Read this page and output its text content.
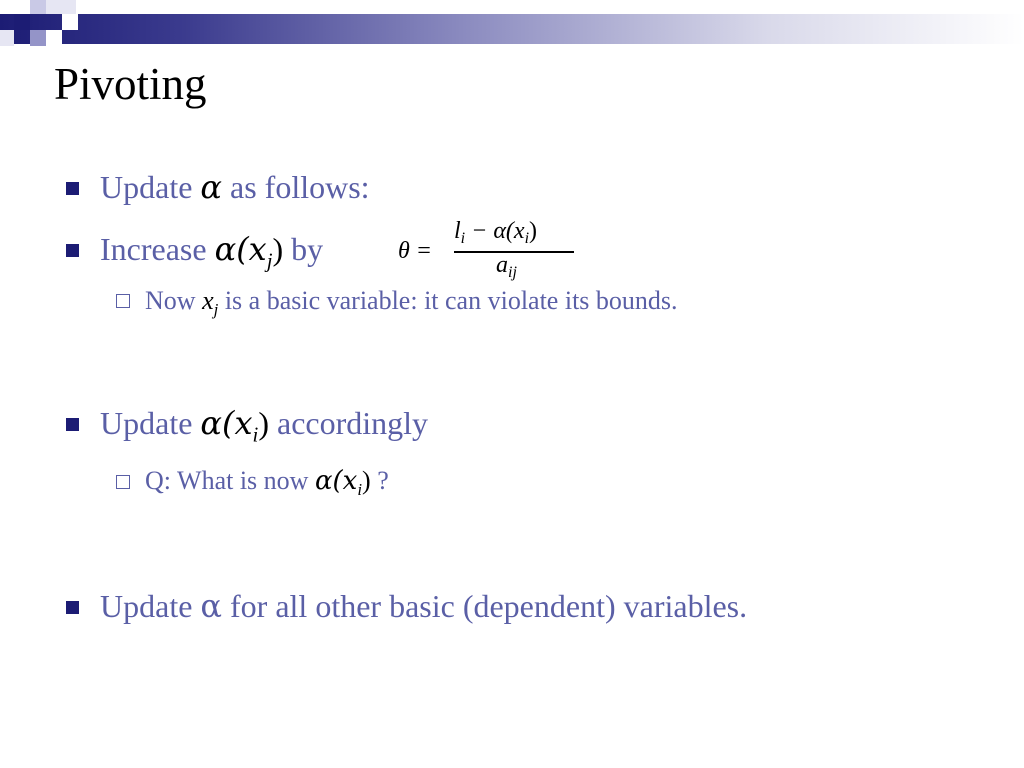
Pivoting
Update α as follows:
Increase $\alpha(x_j)$ by	θ =
$l_i - \alpha(x_i)$
$a_{ij}$
Now $x_j$ is a basic variable: it can violate its bounds.
Update $\alpha(x_i)$ accordingly
Q: What is now $\alpha(x_i)$ ?
Update α for all other basic (dependent) variables.
